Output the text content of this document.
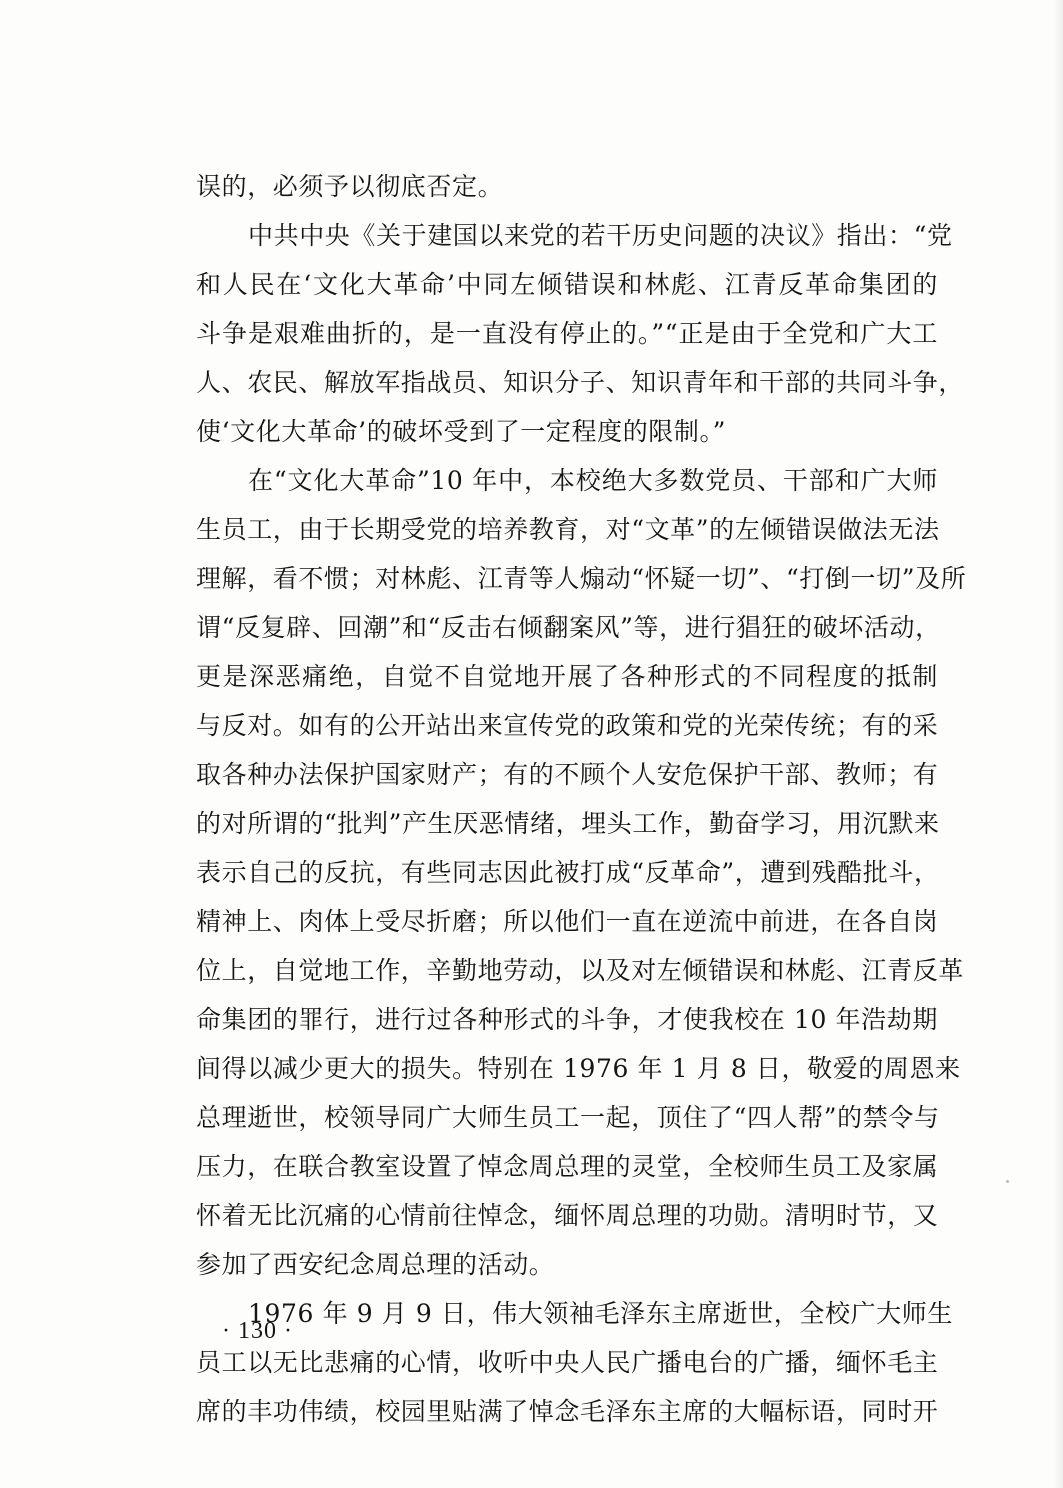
误的，必须予以彻底否定。
中共中央《关于建国以来党的若干历史问题的决议》指出：“党
和人民在‘文化大革命’中同左倾错误和林彪、江青反革命集团的
斗争是艰难曲折的，是一直没有停止的。”“正是由于全党和广大工
人、农民、解放军指战员、知识分子、知识青年和干部的共同斗争，
使‘文化大革命’的破坏受到了一定程度的限制。”
在“文化大革命”10 年中，本校绝大多数党员、干部和广大师
生员工，由于长期受党的培养教育，对“文革”的左倾错误做法无法
理解，看不惯；对林彪、江青等人煽动“怀疑一切”、“打倒一切”及所
谓“反复辟、回潮”和“反击右倾翻案风”等，进行猖狂的破坏活动，
更是深恶痛绝，自觉不自觉地开展了各种形式的不同程度的抵制
与反对。如有的公开站出来宣传党的政策和党的光荣传统；有的采
取各种办法保护国家财产；有的不顾个人安危保护干部、教师；有
的对所谓的“批判”产生厌恶情绪，埋头工作，勤奋学习，用沉默来
表示自己的反抗，有些同志因此被打成“反革命”，遭到残酷批斗，
精神上、肉体上受尽折磨；所以他们一直在逆流中前进，在各自岗
位上，自觉地工作，辛勤地劳动，以及对左倾错误和林彪、江青反革
命集团的罪行，进行过各种形式的斗争，才使我校在 10 年浩劫期
间得以减少更大的损失。特别在 1976 年 1 月 8 日，敬爱的周恩来
总理逝世，校领导同广大师生员工一起，顶住了“四人帮”的禁令与
压力，在联合教室设置了悼念周总理的灵堂，全校师生员工及家属
怀着无比沉痛的心情前往悼念，缅怀周总理的功勋。清明时节，又
参加了西安纪念周总理的活动。
1976 年 9 月 9 日，伟大领袖毛泽东主席逝世，全校广大师生
员工以无比悲痛的心情，收听中央人民广播电台的广播，缅怀毛主
席的丰功伟绩，校园里贴满了悼念毛泽东主席的大幅标语，同时开
· 130 ·
